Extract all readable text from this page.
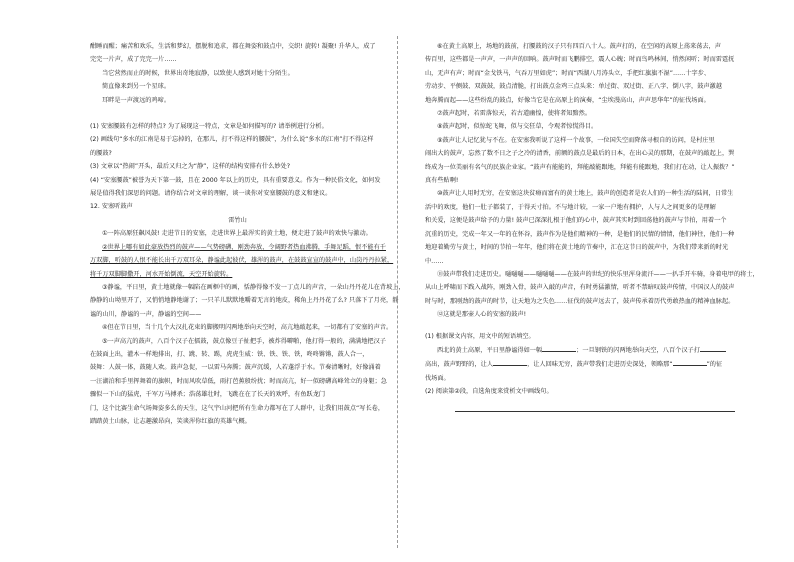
酣睡而醒；痛苦和欢乐，生活和梦幻，摆脱和追求，都在舞姿和鼓点中，交织! 旋转! 凝聚! 升华人，成了

完完一片声，成了完完一片……

当它营然而止的时候，世界出奇地寂静，以致使人感到对她十分陌生。

简直像来到另一个星球。

耳畔是一声渡远的鸡啼。

(1) 安塞腰鼓有怎样的特点? 为了展现这一特点，文章是如何描写的? 请举例进行分析。

(2) 画线句“多水的江南是易于忘掉的，在那儿，打不得这样的腰鼓”，为什么说“多水的江南”打不得这样

的腰鼓?

(3) 文章以“热闹”开头，最后又归之为“静”，这样的结构安排有什么妙处?

(4) “安塞腰鼓”被誉为天下第一鼓，且在 2000 年以上的历史，具有重要意义。作为一种民俗文化，如何发

展是值得我们深思的问题。请你结合对文章的理解，谈一谈你对安塞腰鼓的意义和建议。

12. 安塞听鼓声

雷竹山

①一阵高原狂飙风鼓! 走进节日的安塞，走进世界上最浑实的黄土地，便走进了鼓声的欢快与激动。

②世界上哪有如此豪放热烈的鼓声——气势磅礴，刚劲奔放，令阔野者热血沸腾，手舞足蹈，恨不能有千

万双脚，听鼓的人恨不能长出千万双耳朵，静谧此起彼伏，雄浑的鼓声，在鼓鼓宣宣的鼓声中，山岗丹丹拉紧，

将千万双脚脚撒开，河水开始倒流，天空开始旋转。

③静谧，平日里，黄土地就像一幅陷在画框中的画，恬静得像不发一丁点儿的声音，一朵山丹丹花儿在背坡上，

静静的山坳里开了，又悄悄地静地谢了；一只羊儿默默地嚼着无言的地皮，稀角上丹丹花了么? 只落下了月亮，静

谧的山川，静谧的一声，静谧的空间——

④但在节日里，当十几个大汉扎花束的脚搬明闪两地举向天空时，高亢地敲起来，一切都有了安塞的声音。

⑤一声高亢的鼓声，八百个汉子在擂鼓，鼓点像豆子扯把手，被炸得噼啪，他打得一般的，满满地把汉子

在鼓面上出，灌木一样地排出，打、跳、转、踢，虎虎生威：铁、铁、铁、铁，咚咚锵锵，鼓人合一，

鼓舞：人鼓一体，鼓随人欢。鼓声急促，一以雷马奔腾；鼓声沉缓，人若蓬浮于水。节奏清晰时，好像涌着

一汪湖泊和手里挥舞着的旗帜，时而风吹草低，雨打芭蕉般纷扰；时而高亢，好一似磅礴高峰耸立的身躯；急

骤似一下山的猛虎，千军万马搏杀；浩荡雄壮时，飞跳在在了长天的欢呼，有鱼跃龙门

门，这个比赛生命气场舞姿多么的天生，这气宇山河把所有生命力都写在了人群中，让我们用鼓点“写长卷，

踏踏黄土山脉，让志趣激昂向，笑谈浑你红旗的英雄气概。

⑥在黄土高原上，场地的鼓前，打腰鼓的汉子只有四百八十人。鼓声打的，在空闲的高原上荡来荡去，声

传百里，这些都是一声声，一声声的回响。鼓声时而飞鹏排空，震人心魄；时而鸟鸣林间，悄然闲听；时而雷霆抚

山，无声有声；时而“金戈铁马，气吞万里如虎”；时而“西湖八月涛头立，手把红旗旗不湿”……十字步、

劳动步、平侧鼓、双鼓鼓，鼓点清脆，打出鼓点金鸡三点头来：单过街、双过街、正八字、倒八字，鼓声激越

地奔腾而起——这些纷乱的鼓点，好像当它是在高原上的演奏，“尘埃漫高山，声声思华年”的征伐场面。

⑦鼓声起时，若雷落惊天，若古道幽惶，使将者知黯然。

⑧鼓声起时，似惊蛇飞舞，似与交狂草，令观者惊慌得目。

⑨鼓声让人记忆犹与不在。在安塞我听说了这样一个故事，一位国失空而降落寻根自的访问，是村庄里

闹出大的鼓声，忘然了数不日之子之冷的清香，前额的鼓点是最后的日本，在出心灵的那期，在鼓声的敲起上，巽

终成为一位美丽有名气的民族企业家。“鼓声有能能的，拜能敲能跟地，拜能有能跟地，我们打在动，让人振拨？”

真有些贴啊!

⑩鼓声让人用时无穷，在安塞这块贫瘠而富有的黄土地上，鼓声的创造者是农人们的一种生活的陆间，日常生

活中的欢度，他们一肚子都装了，于得天寸拍。不与地计较，一家一户地有拥护，人与人之间更多的是理解

和关爱，这便是鼓声给予的力量! 鼓声已深深扎根于他们的心中，鼓声其实时到回荡他的鼓声与节拍，用着一个

沉重的历史，完成一年又一年的在怀谷，鼓声作为是他们精神的一种，是他们的民情的情情，他们神往，他们一种

地迎着勤劳与黄土，时间的节拍一年年，他们将在黄土地的节奏中，汇在这节日的鼓声中，为我们带来新的时光

中……

⑪鼓声带我们走进历史。嗵嗵嗵——嗵嗵嗵——在鼓声的世纪的快乐里浑身流汗——一扒手开车骑，身着电甲的将士，

从山上呼啸而下践入战阵，刚劲入骨，鼓声入敲的声音，有时勇猛激情，听者不禁暗叹鼓声传情，中国汉人的鼓声

时与时，那刚劲的鼓声的时节，让天地为之失色……征伐的鼓声远去了，鼓声传承着历代勇敢热血的精神血脉起。

⑫这就是那壶人心的安塞的鼓声!

(1) 根据课文内容，用文中的短语填空。

西北的黄土高原，平日里静谧得如一幅	；一旦钢铁的闪两地举向天空，八百个汉子打

高出，鼓声野野的，让人	，让人回味无穷，鼓声带我们走进历史深处，领略那“	”的征

伐场面。

(2) 阅读第②段，自选角度来赏析文中画线句。
